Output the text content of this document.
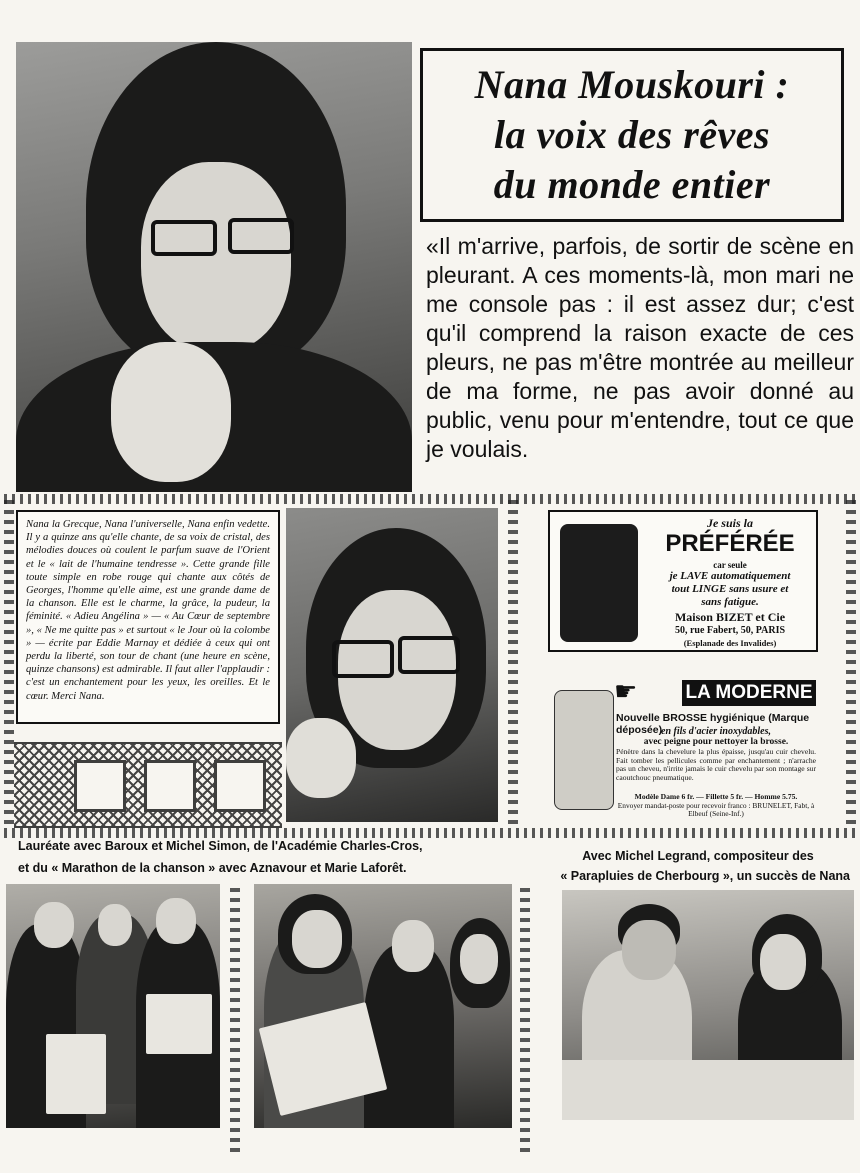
Nana Mouskouri :
la voix des rêves
du monde entier
«Il m'arrive, parfois, de sortir de scène en pleurant. A ces moments-là, mon mari ne me console pas : il est assez dur; c'est qu'il comprend la raison exacte de ces pleurs, ne pas m'être montrée au meilleur de ma forme, ne pas avoir donné au public, venu pour m'entendre, tout ce que je voulais.
Nana la Grecque, Nana l'universelle, Nana enfin vedette. Il y a quinze ans qu'elle chante, de sa voix de cristal, des mélodies douces où coulent le parfum suave de l'Orient et le « lait de l'humaine tendresse ». Cette grande fille toute simple en robe rouge qui chante aux côtés de Georges, l'homme qu'elle aime, est une grande dame de la chanson. Elle est le charme, la grâce, la pudeur, la féminité. « Adieu Angélina » — « Au Cœur de septembre », « Ne me quitte pas » et surtout « le Jour où la colombe » — écrite par Eddie Marnay et dédiée à ceux qui ont perdu la liberté, son tour de chant (une heure en scène, quinze chansons) est admirable. Il faut aller l'applaudir : c'est un enchantement pour les yeux, les oreilles. Et le cœur. Merci Nana.
Je suis la
PRÉFÉRÉE
car seule
je LAVE automatiquement
tout LINGE sans usure et
sans fatigue.
Maison BIZET et Cie
50, rue Fabert, 50, PARIS
(Esplanade des Invalides)
☛	LA MODERNE
Nouvelle BROSSE hygiénique (Marque déposée)
en fils d'acier inoxydables,
avec peigne pour nettoyer la brosse.
Pénètre dans la chevelure la plus épaisse, jusqu'au cuir chevelu. Fait tomber les pellicules comme par enchantement ; n'arrache pas un cheveu, n'irrite jamais le cuir chevelu par son montage sur caoutchouc pneumatique.
Modèle Dame 6 fr. — Fillette 5 fr. — Homme 5.75.
Envoyer mandat-poste pour recevoir franco : BRUNELET, Fabt, à Elbeuf (Seine-Inf.)
Lauréate avec Baroux et Michel Simon, de l'Académie Charles-Cros,
et du « Marathon de la chanson » avec Aznavour et Marie Laforêt.
Avec Michel Legrand, compositeur des
« Parapluies de Cherbourg », un succès de Nana
